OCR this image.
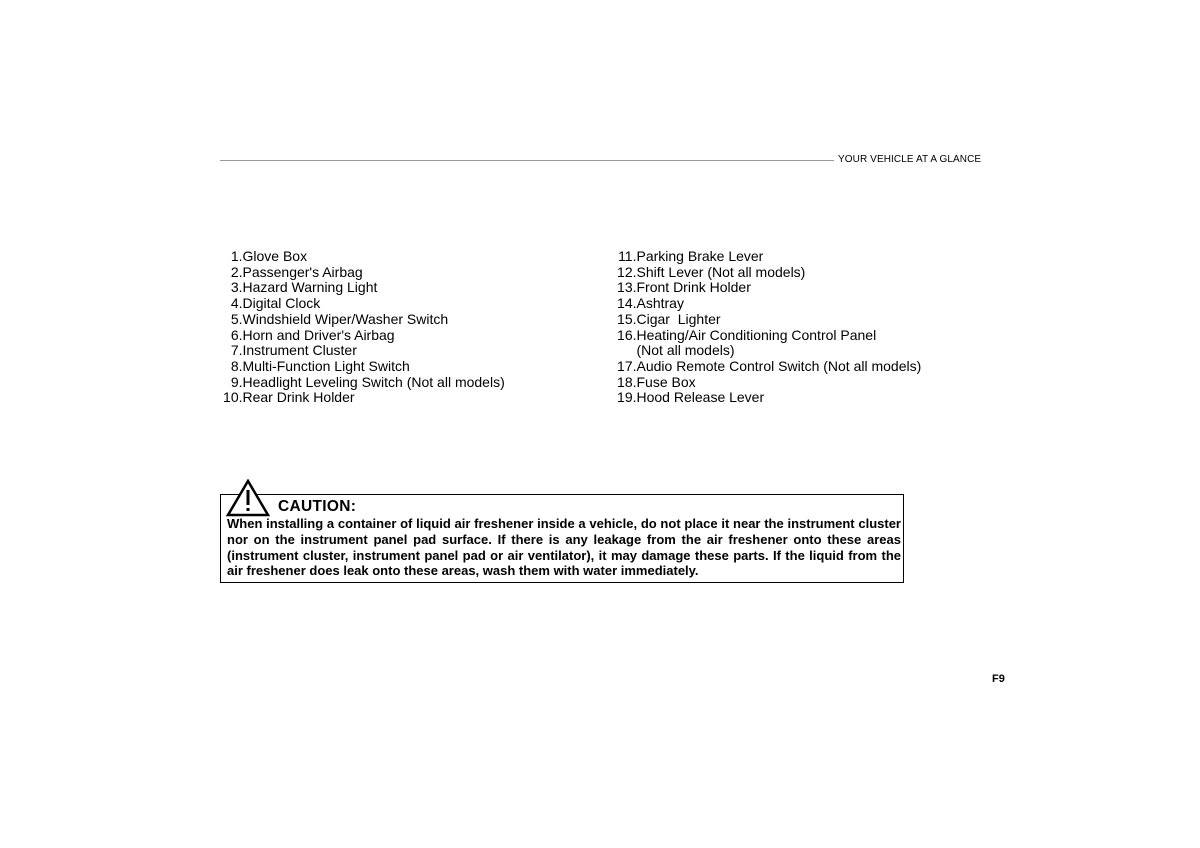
YOUR VEHICLE AT A GLANCE
1. Glove Box
2. Passenger's Airbag
3. Hazard Warning Light
4. Digital Clock
5. Windshield Wiper/Washer Switch
6. Horn and Driver's Airbag
7. Instrument Cluster
8. Multi-Function Light Switch
9. Headlight Leveling Switch (Not all models)
10. Rear Drink Holder
11. Parking Brake Lever
12. Shift Lever (Not all models)
13. Front Drink Holder
14. Ashtray
15. Cigar  Lighter
16. Heating/Air Conditioning Control Panel
(Not all models)
17. Audio Remote Control Switch (Not all models)
18. Fuse Box
19. Hood Release Lever
CAUTION:

When installing a container of liquid air freshener inside a vehicle, do not place it near the instrument cluster nor on the instrument panel pad surface. If there is any leakage from the air freshener onto these areas (instrument cluster, instrument panel pad or air ventilator), it may damage these parts. If the liquid from the air freshener does leak onto these areas, wash them with water immediately.

F9
